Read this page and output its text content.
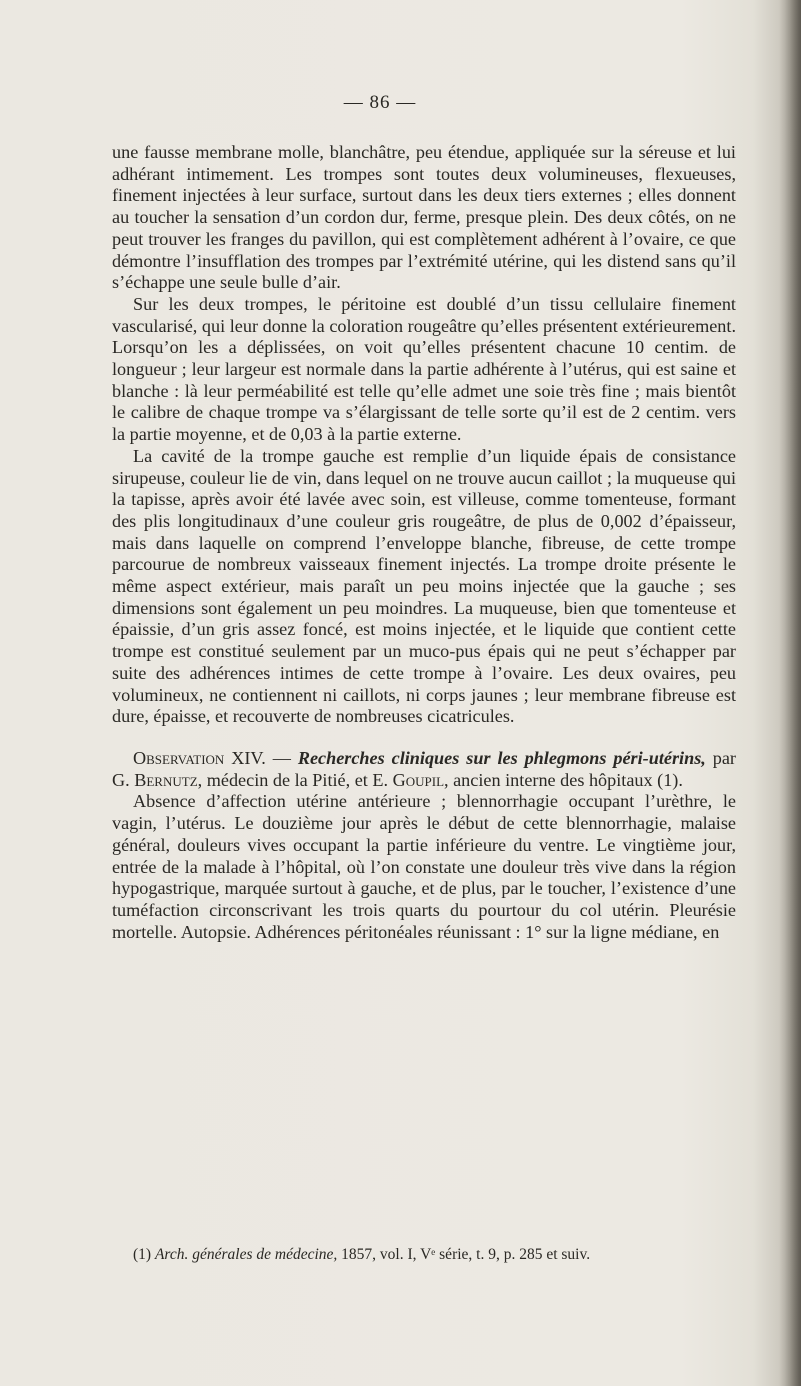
— 86 —

une fausse membrane molle, blanchâtre, peu étendue, appliquée sur la séreuse et lui adhérant intimement. Les trompes sont toutes deux volumineuses, flexueuses, finement injectées à leur surface, surtout dans les deux tiers externes ; elles donnent au toucher la sensation d’un cordon dur, ferme, presque plein. Des deux côtés, on ne peut trouver les franges du pavillon, qui est complètement adhérent à l’ovaire, ce que démontre l’insufflation des trompes par l’extrémité utérine, qui les distend sans qu’il s’échappe une seule bulle d’air.

Sur les deux trompes, le péritoine est doublé d’un tissu cellulaire finement vascularisé, qui leur donne la coloration rougeâtre qu’elles présentent extérieurement. Lorsqu’on les a déplissées, on voit qu’elles présentent chacune 10 centim. de longueur ; leur largeur est normale dans la partie adhérente à l’utérus, qui est saine et blanche : là leur perméabilité est telle qu’elle admet une soie très fine ; mais bientôt le calibre de chaque trompe va s’élargissant de telle sorte qu’il est de 2 centim. vers la partie moyenne, et de 0,03 à la partie externe.

La cavité de la trompe gauche est remplie d’un liquide épais de consistance sirupeuse, couleur lie de vin, dans lequel on ne trouve aucun caillot ; la muqueuse qui la tapisse, après avoir été lavée avec soin, est villeuse, comme tomenteuse, formant des plis longitudinaux d’une couleur gris rougeâtre, de plus de 0,002 d’épaisseur, mais dans laquelle on comprend l’enveloppe blanche, fibreuse, de cette trompe parcourue de nombreux vaisseaux finement injectés. La trompe droite présente le même aspect extérieur, mais paraît un peu moins injectée que la gauche ; ses dimensions sont également un peu moindres. La muqueuse, bien que tomenteuse et épaissie, d’un gris assez foncé, est moins injectée, et le liquide que contient cette trompe est constitué seulement par un muco-pus épais qui ne peut s’échapper par suite des adhérences intimes de cette trompe à l’ovaire. Les deux ovaires, peu volumineux, ne contiennent ni caillots, ni corps jaunes ; leur membrane fibreuse est dure, épaisse, et recouverte de nombreuses cicatricules.

Observation XIV. — Recherches cliniques sur les phlegmons péri-utérins, par G. Bernutz, médecin de la Pitié, et E. Goupil, ancien interne des hôpitaux (1).

Absence d’affection utérine antérieure ; blennorrhagie occupant l’urèthre, le vagin, l’utérus. Le douzième jour après le début de cette blennorrhagie, malaise général, douleurs vives occupant la partie inférieure du ventre. Le vingtième jour, entrée de la malade à l’hôpital, où l’on constate une douleur très vive dans la région hypogastrique, marquée surtout à gauche, et de plus, par le toucher, l’existence d’une tuméfaction circonscrivant les trois quarts du pourtour du col utérin. Pleurésie mortelle. Autopsie. Adhérences péritonéales réunissant : 1° sur la ligne médiane, en

(1) Arch. générales de médecine, 1857, vol. I, Vᵉ série, t. 9, p. 285 et suiv.
